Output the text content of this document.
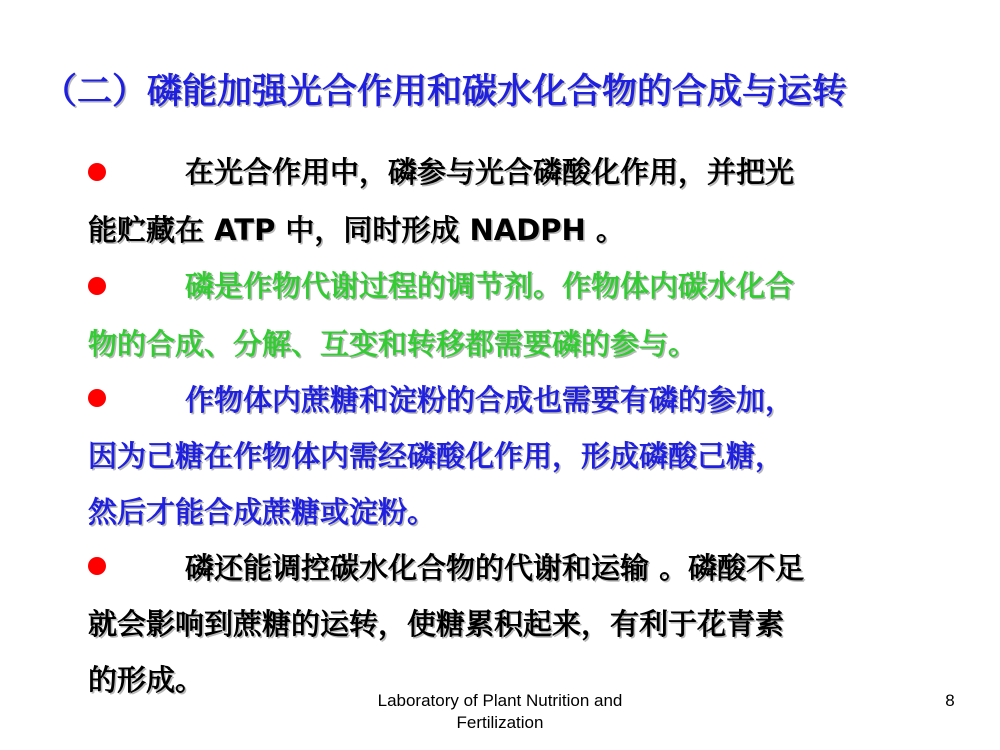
（二）磷能加强光合作用和碳水化合物的合成与运转
在光合作用中，磷参与光合磷酸化作用，并把光
能贮藏在 ATP 中，同时形成 NADPH 。
磷是作物代谢过程的调节剂。作物体内碳水化合
物的合成、分解、互变和转移都需要磷的参与。
作物体内蔗糖和淀粉的合成也需要有磷的参加，
因为己糖在作物体内需经磷酸化作用，形成磷酸己糖，
然后才能合成蔗糖或淀粉。
磷还能调控碳水化合物的代谢和运输 。磷酸不足
就会影响到蔗糖的运转，使糖累积起来，有利于花青素
的形成。
Laboratory of Plant Nutrition and
Fertilization
8
